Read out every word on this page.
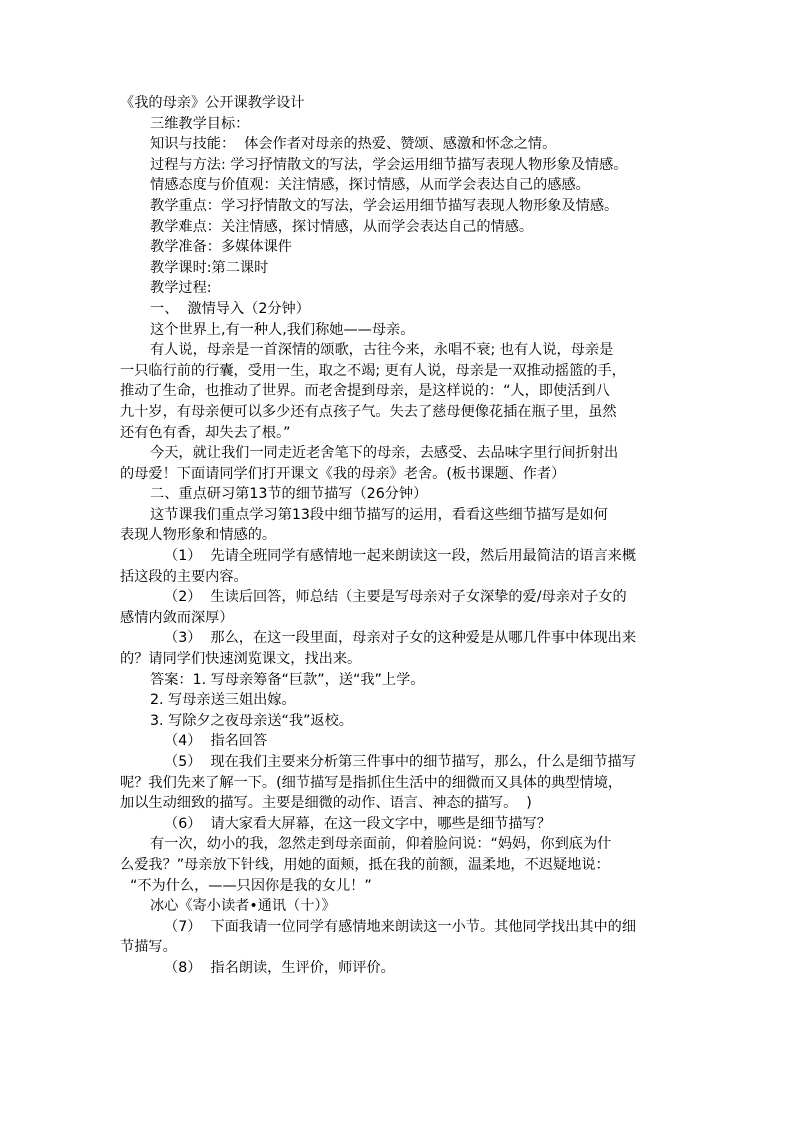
《我的母亲》公开课教学设计
三维教学目标：
知识与技能：  体会作者对母亲的热爱、赞颂、感激和怀念之情。
过程与方法: 学习抒情散文的写法，学会运用细节描写表现人物形象及情感。
情感态度与价值观：关注情感，探讨情感，从而学会表达自己的感感。
教学重点：学习抒情散文的写法，学会运用细节描写表现人物形象及情感。
教学难点：关注情感，探讨情感，从而学会表达自己的情感。
教学准备：多媒体课件
教学课时:第二课时
教学过程:
一、  激情导入（2分钟）
这个世界上,有一种人,我们称她——母亲。
有人说，母亲是一首深情的颂歌，古往今来，永唱不衰; 也有人说，母亲是
一只临行前的行囊，受用一生，取之不竭; 更有人说，母亲是一双推动摇篮的手，
推动了生命，也推动了世界。而老舍提到母亲，是这样说的：“人，即使活到八
九十岁，有母亲便可以多少还有点孩子气。失去了慈母便像花插在瓶子里，虽然
还有色有香，却失去了根。”
今天，就让我们一同走近老舍笔下的母亲，去感受、去品味字里行间折射出
的母爱！下面请同学们打开课文《我的母亲》老舍。(板书课题、作者）
二、重点研习第13节的细节描写（26分钟）
这节课我们重点学习第13段中细节描写的运用，看看这些细节描写是如何
表现人物形象和情感的。
（1）  先请全班同学有感情地一起来朗读这一段，然后用最简洁的语言来概
括这段的主要内容。
（2）  生读后回答，师总结（主要是写母亲对子女深挚的爱/母亲对子女的
感情内敛而深厚）
（3）  那么，在这一段里面，母亲对子女的这种爱是从哪几件事中体现出来
的？请同学们快速浏览课文，找出来。
答案：1. 写母亲筹备“巨款”，送“我”上学。
2. 写母亲送三姐出嫁。
3. 写除夕之夜母亲送“我”返校。
（4）  指名回答
（5）  现在我们主要来分析第三件事中的细节描写，那么，什么是细节描写
呢？我们先来了解一下。(细节描写是指抓住生活中的细微而又具体的典型情境，
加以生动细致的描写。主要是细微的动作、语言、神态的描写。  )
（6）  请大家看大屏幕，在这一段文字中，哪些是细节描写？
有一次，幼小的我，忽然走到母亲面前，仰着脸问说：“妈妈，你到底为什
么爱我？”母亲放下针线，用她的面颊，抵在我的前额，温柔地，不迟疑地说：
“不为什么，——只因你是我的女儿！”
冰心《寄小读者•通讯（十）》
（7）  下面我请一位同学有感情地来朗读这一小节。其他同学找出其中的细
节描写。
（8）  指名朗读，生评价，师评价。
